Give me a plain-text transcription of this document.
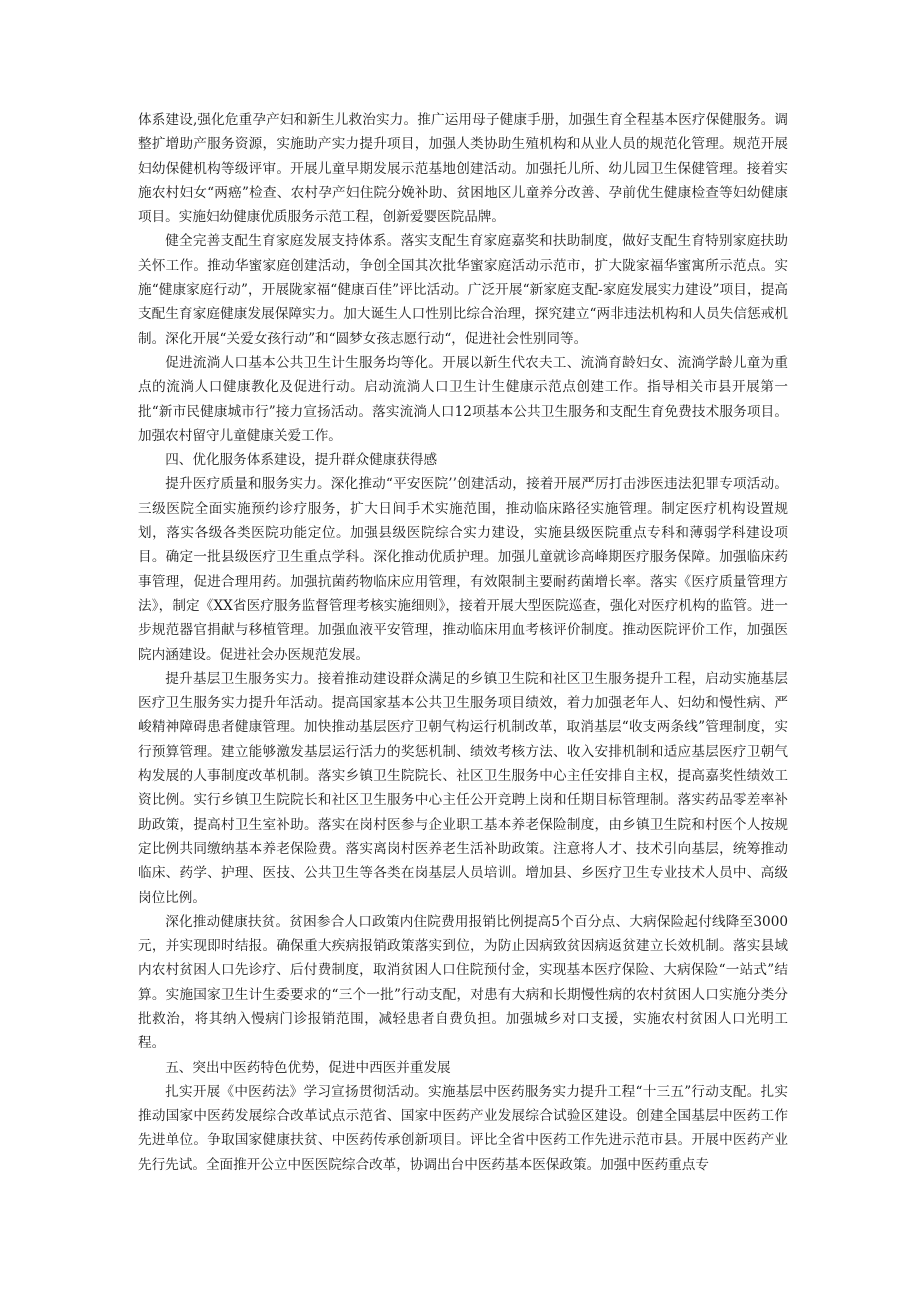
体系建设,强化危重孕产妇和新生儿救治实力。推广运用母子健康手册，加强生育全程基本医疗保健服务。调整扩增助产服务资源，实施助产实力提升项目，加强人类协助生殖机构和从业人员的规范化管理。规范开展妇幼保健机构等级评审。开展儿童早期发展示范基地创建活动。加强托儿所、幼儿园卫生保健管理。接着实施农村妇女“两癌”检查、农村孕产妇住院分娩补助、贫困地区儿童养分改善、孕前优生健康检查等妇幼健康项目。实施妇幼健康优质服务示范工程，创新爱婴医院品牌。

健全完善支配生育家庭发展支持体系。落实支配生育家庭嘉奖和扶助制度，做好支配生育特别家庭扶助关怀工作。推动华蜜家庭创建活动，争创全国其次批华蜜家庭活动示范市，扩大陇家福华蜜寓所示范点。实施“健康家庭行动”，开展陇家福“健康百佳”评比活动。广泛开展“新家庭支配-家庭发展实力建设”项目，提高支配生育家庭健康发展保障实力。加大诞生人口性别比综合治理，探究建立“两非违法机构和人员失信惩戒机制。深化开展“关爱女孩行动”和“圆梦女孩志愿行动“，促进社会性别同等。

促进流淌人口基本公共卫生计生服务均等化。开展以新生代农夫工、流淌育龄妇女、流淌学龄儿童为重点的流淌人口健康教化及促进行动。启动流淌人口卫生计生健康示范点创建工作。指导相关市县开展第一批“新市民健康城市行”接力宣扬活动。落实流淌人口12项基本公共卫生服务和支配生育免费技术服务项目。加强农村留守儿童健康关爱工作。

四、优化服务体系建设，提升群众健康获得感

提升医疗质量和服务实力。深化推动“平安医院’’创建活动，接着开展严厉打击涉医违法犯罪专项活动。三级医院全面实施预约诊疗服务，扩大日间手术实施范围，推动临床路径实施管理。制定医疗机构设置规划，落实各级各类医院功能定位。加强县级医院综合实力建设，实施县级医院重点专科和薄弱学科建设项目。确定一批县级医疗卫生重点学科。深化推动优质护理。加强儿童就诊高峰期医疗服务保障。加强临床药事管理，促进合理用药。加强抗菌药物临床应用管理，有效限制主要耐药菌增长率。落实《医疗质量管理方法》，制定《XX省医疗服务监督管理考核实施细则》，接着开展大型医院巡查，强化对医疗机构的监管。进一步规范器官捐献与移植管理。加强血液平安管理，推动临床用血考核评价制度。推动医院评价工作，加强医院内涵建设。促进社会办医规范发展。

提升基层卫生服务实力。接着推动建设群众满足的乡镇卫生院和社区卫生服务提升工程，启动实施基层医疗卫生服务实力提升年活动。提高国家基本公共卫生服务项目绩效，着力加强老年人、妇幼和慢性病、严峻精神障碍患者健康管理。加快推动基层医疗卫朝气构运行机制改革，取消基层“收支两条线”管理制度，实行预算管理。建立能够激发基层运行活力的奖惩机制、绩效考核方法、收入安排机制和适应基层医疗卫朝气构发展的人事制度改革机制。落实乡镇卫生院院长、社区卫生服务中心主任安排自主权，提高嘉奖性绩效工资比例。实行乡镇卫生院院长和社区卫生服务中心主任公开竞聘上岗和任期目标管理制。落实药品零差率补助政策，提高村卫生室补助。落实在岗村医参与企业职工基本养老保险制度，由乡镇卫生院和村医个人按规定比例共同缴纳基本养老保险费。落实离岗村医养老生活补助政策。注意将人才、技术引向基层，统筹推动临床、药学、护理、医技、公共卫生等各类在岗基层人员培训。增加县、乡医疗卫生专业技术人员中、高级岗位比例。

深化推动健康扶贫。贫困参合人口政策内住院费用报销比例提高5个百分点、大病保险起付线降至3000元，并实现即时结报。确保重大疾病报销政策落实到位，为防止因病致贫因病返贫建立长效机制。落实县域内农村贫困人口先诊疗、后付费制度，取消贫困人口住院预付金，实现基本医疗保险、大病保险“一站式”结算。实施国家卫生计生委要求的“三个一批”行动支配，对患有大病和长期慢性病的农村贫困人口实施分类分批救治，将其纳入慢病门诊报销范围，减轻患者自费负担。加强城乡对口支援，实施农村贫困人口光明工程。

五、突出中医药特色优势，促进中西医并重发展

扎实开展《中医药法》学习宣扬贯彻活动。实施基层中医药服务实力提升工程“十三五”行动支配。扎实推动国家中医药发展综合改革试点示范省、国家中医药产业发展综合试验区建设。创建全国基层中医药工作先进单位。争取国家健康扶贫、中医药传承创新项目。评比全省中医药工作先进示范市县。开展中医药产业先行先试。全面推开公立中医医院综合改革，协调出台中医药基本医保政策。加强中医药重点专
